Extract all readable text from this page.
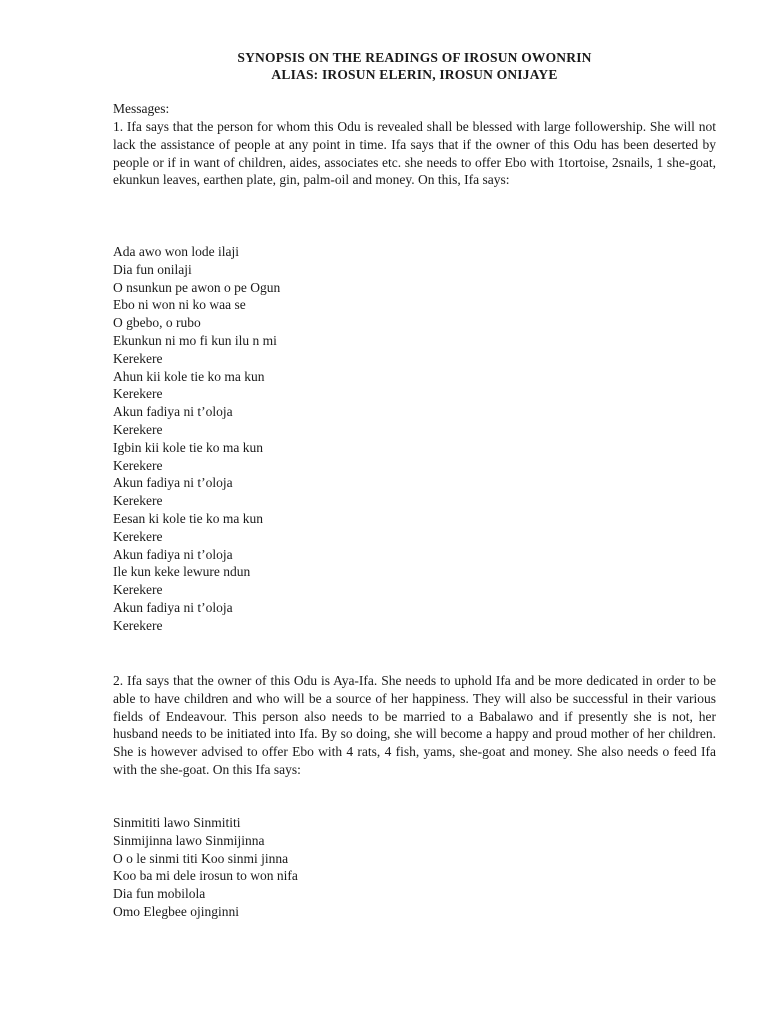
SYNOPSIS ON THE READINGS OF IROSUN OWONRIN
ALIAS: IROSUN ELERIN, IROSUN ONIJAYE
Messages:
1. Ifa says that the person for whom this Odu is revealed shall be blessed with large followership. She will not lack the assistance of people at any point in time. Ifa says that if the owner of this Odu has been deserted by people or if in want of children, aides, associates etc. she needs to offer Ebo with 1tortoise, 2snails, 1 she-goat, ekunkun leaves, earthen plate, gin, palm-oil and money. On this, Ifa says:
Ada awo won lode ilaji
Dia fun onilaji
O nsunkun pe awon o pe Ogun
Ebo ni won ni ko waa se
O gbebo, o rubo
Ekunkun ni mo fi kun ilu n mi
Kerekere
Ahun kii kole tie ko ma kun
Kerekere
Akun fadiya ni t’oloja
Kerekere
Igbin kii kole tie ko ma kun
Kerekere
Akun fadiya ni t’oloja
Kerekere
Eesan ki kole tie ko ma kun
Kerekere
Akun fadiya ni t’oloja
Ile kun keke lewure ndun
Kerekere
Akun fadiya ni t’oloja
Kerekere
2. Ifa says that the owner of this Odu is Aya-Ifa. She needs to uphold Ifa and be more dedicated in order to be able to have children and who will be a source of her happiness. They will also be successful in their various fields of Endeavour. This person also needs to be married to a Babalawo and if presently she is not, her husband needs to be initiated into Ifa. By so doing, she will become a happy and proud mother of her children. She is however advised to offer Ebo with 4 rats, 4 fish, yams, she-goat and money. She also needs o feed Ifa with the she-goat. On this Ifa says:
Sinmititi lawo Sinmititi
Sinmijinna lawo Sinmijinna
O o le sinmi titi Koo sinmi jinna
Koo ba mi dele irosun to won nifa
Dia fun mobilola
Omo Elegbee ojinginni
